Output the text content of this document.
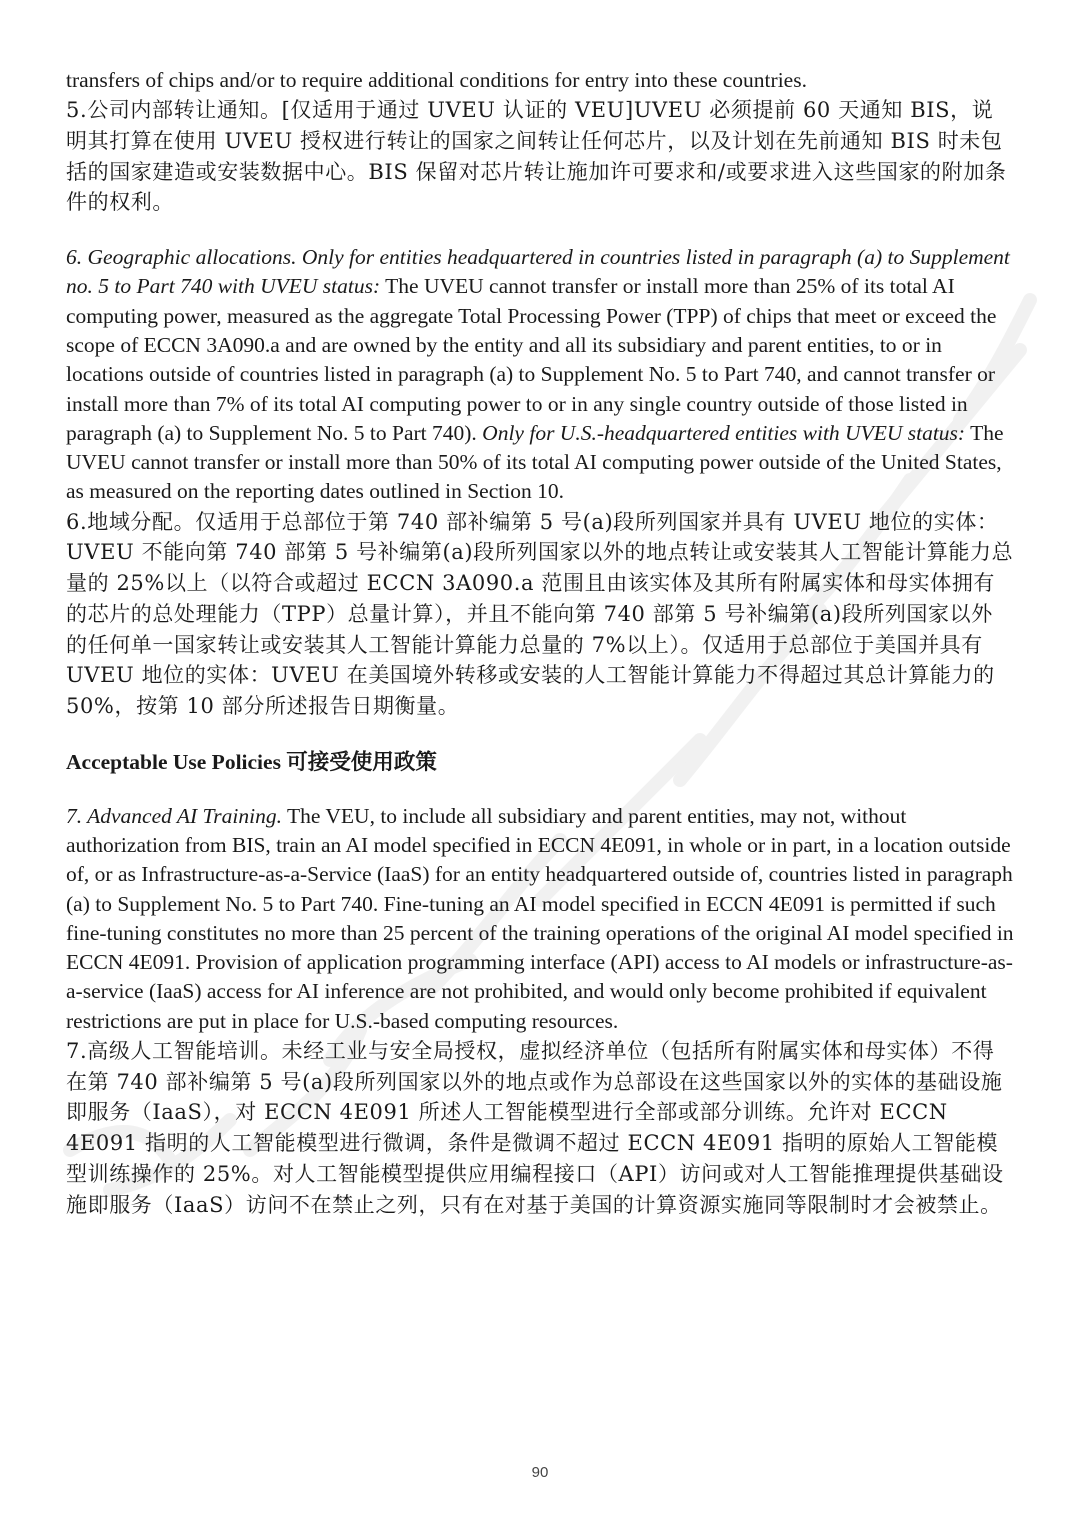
transfers of chips and/or to require additional conditions for entry into these countries.

5.公司内部转让通知。[仅适用于通过 UVEU 认证的 VEU]UVEU 必须提前 60 天通知 BIS，说明其打算在使用 UVEU 授权进行转让的国家之间转让任何芯片，以及计划在先前通知 BIS 时未包括的国家建造或安装数据中心。BIS 保留对芯片转让施加许可要求和/或要求进入这些国家的附加条件的权利。

6. Geographic allocations. Only for entities headquartered in countries listed in paragraph (a) to Supplement no. 5 to Part 740 with UVEU status: The UVEU cannot transfer or install more than 25% of its total AI computing power, measured as the aggregate Total Processing Power (TPP) of chips that meet or exceed the scope of ECCN 3A090.a and are owned by the entity and all its subsidiary and parent entities, to or in locations outside of countries listed in paragraph (a) to Supplement No. 5 to Part 740, and cannot transfer or install more than 7% of its total AI computing power to or in any single country outside of those listed in paragraph (a) to Supplement No. 5 to Part 740). Only for U.S.-headquartered entities with UVEU status: The UVEU cannot transfer or install more than 50% of its total AI computing power outside of the United States, as measured on the reporting dates outlined in Section 10.

6.地域分配。仅适用于总部位于第 740 部补编第 5 号(a)段所列国家并具有 UVEU 地位的实体：UVEU 不能向第 740 部第 5 号补编第(a)段所列国家以外的地点转让或安装其人工智能计算能力总量的 25%以上（以符合或超过 ECCN 3A090.a 范围且由该实体及其所有附属实体和母实体拥有的芯片的总处理能力（TPP）总量计算），并且不能向第 740 部第 5 号补编第(a)段所列国家以外的任何单一国家转让或安装其人工智能计算能力总量的 7%以上）。仅适用于总部位于美国并具有 UVEU 地位的实体：UVEU 在美国境外转移或安装的人工智能计算能力不得超过其总计算能力的 50%，按第 10 部分所述报告日期衡量。

Acceptable Use Policies 可接受使用政策

7. Advanced AI Training. The VEU, to include all subsidiary and parent entities, may not, without authorization from BIS, train an AI model specified in ECCN 4E091, in whole or in part, in a location outside of, or as Infrastructure-as-a-Service (IaaS) for an entity headquartered outside of, countries listed in paragraph (a) to Supplement No. 5 to Part 740. Fine-tuning an AI model specified in ECCN 4E091 is permitted if such fine-tuning constitutes no more than 25 percent of the training operations of the original AI model specified in ECCN 4E091. Provision of application programming interface (API) access to AI models or infrastructure-as-a-service (IaaS) access for AI inference are not prohibited, and would only become prohibited if equivalent restrictions are put in place for U.S.-based computing resources.

7.高级人工智能培训。未经工业与安全局授权，虚拟经济单位（包括所有附属实体和母实体）不得在第 740 部补编第 5 号(a)段所列国家以外的地点或作为总部设在这些国家以外的实体的基础设施即服务（IaaS），对 ECCN 4E091 所述人工智能模型进行全部或部分训练。允许对 ECCN 4E091 指明的人工智能模型进行微调，条件是微调不超过 ECCN 4E091 指明的原始人工智能模型训练操作的 25%。对人工智能模型提供应用编程接口（API）访问或对人工智能推理提供基础设施即服务（IaaS）访问不在禁止之列，只有在对基于美国的计算资源实施同等限制时才会被禁止。

90
